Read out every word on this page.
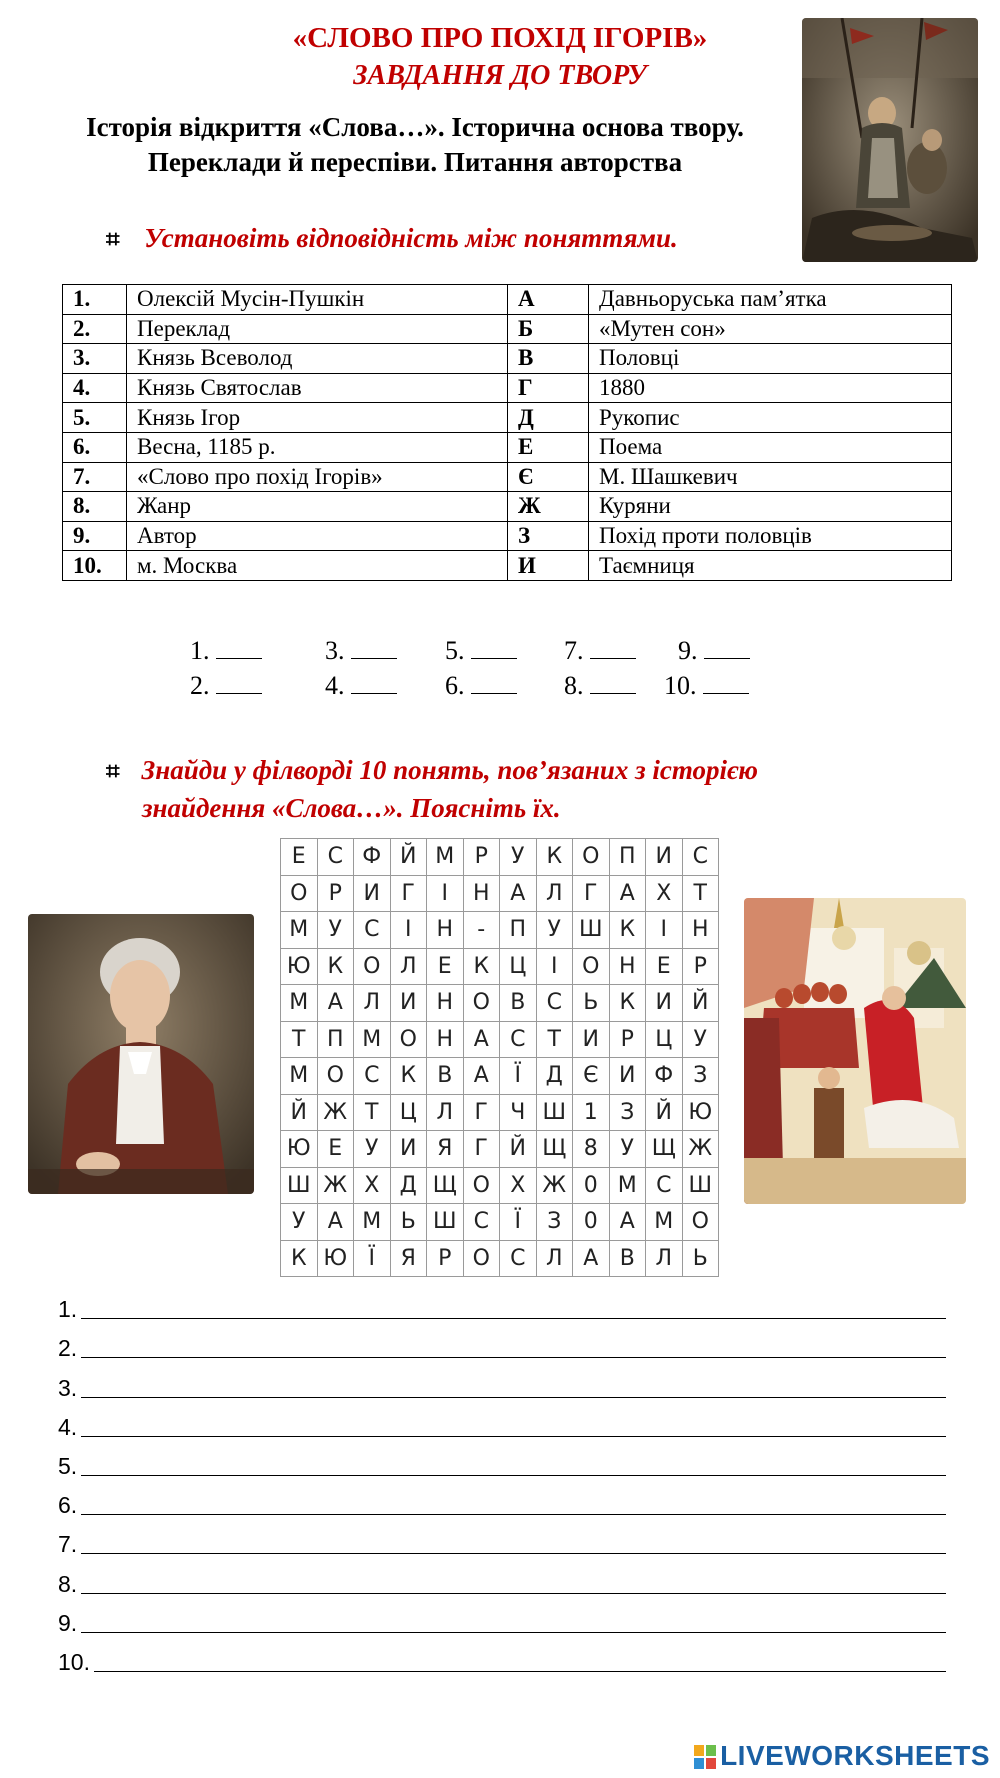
«СЛОВО ПРО ПОХІД ІГОРІВ»
ЗАВДАННЯ ДО ТВОРУ
Історія відкриття «Слова…». Історична основа твору.
Переклади й переспіви. Питання авторства
⌗ Установіть відповідність між поняттями.
1.	Олексій Мусін-Пушкін	А	Давньоруська пам’ятка
2.	Переклад	Б	«Мутен сон»
3.	Князь Всеволод	В	Половці
4.	Князь Святослав	Г	1880
5.	Князь Ігор	Д	Рукопис
6.	Весна, 1185 р.	Е	Поема
7.	«Слово про похід Ігорів»	Є	М. Шашкевич
8.	Жанр	Ж	Куряни
9.	Автор	З	Похід проти половців
10.	м. Москва	И	Таємниця
1.	3.	5.	7.	9.
2.	4.	6.	8.	10.
⌗ Знайди у філворді 10 понять, пов’язаних з історією
знайдення «Слова…». Поясніть їх.
Е	С	Ф	Й	М	Р	У	К	О	П	И	С
О	Р	И	Г	І	Н	А	Л	Г	А	Х	Т
М	У	С	І	Н	-	П	У	Ш	К	І	Н
Ю	К	О	Л	Е	К	Ц	І	О	Н	Е	Р
М	А	Л	И	Н	О	В	С	Ь	К	И	Й
Т	П	М	О	Н	А	С	Т	И	Р	Ц	У
М	О	С	К	В	А	Ї	Д	Є	И	Ф	З
Й	Ж	Т	Ц	Л	Г	Ч	Ш	1	З	Й	Ю
Ю	Е	У	И	Я	Г	Й	Щ	8	У	Щ	Ж
Ш	Ж	Х	Д	Щ	О	Х	Ж	0	М	С	Ш
У	А	М	Ь	Ш	С	Ї	З	0	А	М	О
К	Ю	Ї	Я	Р	О	С	Л	А	В	Л	Ь
1.
2.
3.
4.
5.
6.
7.
8.
9.
10.
LIVEWORKSHEETS
